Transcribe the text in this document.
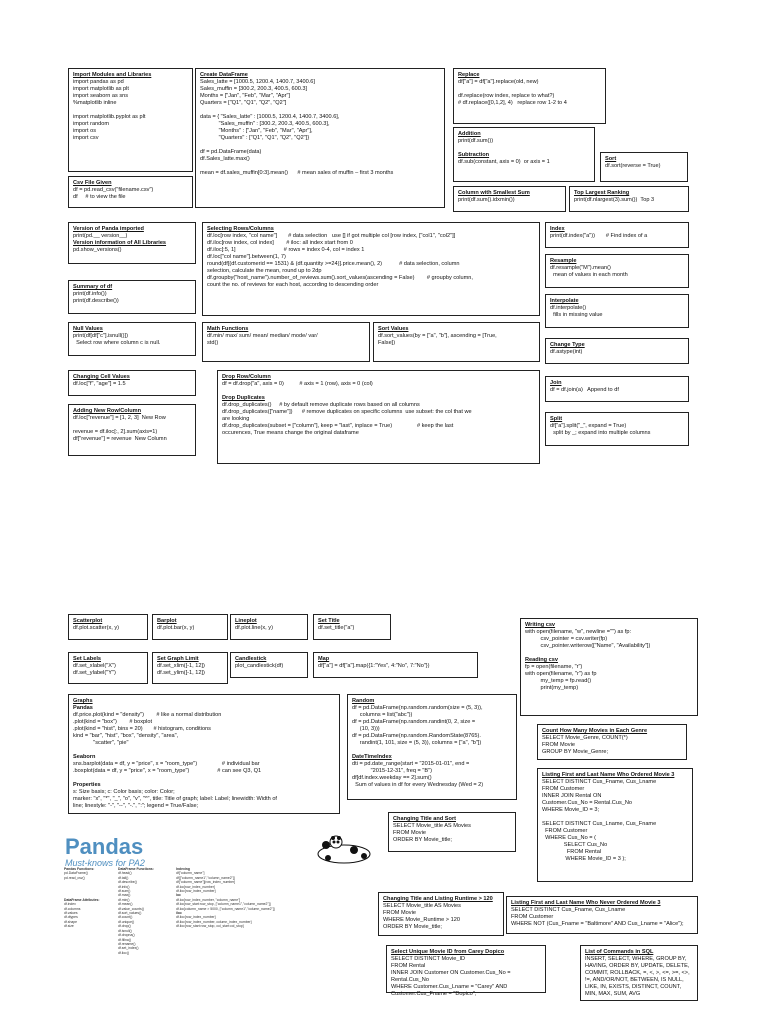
Import Modules and Libraries
import pandas as pd
import matplotlib as plt
import seaborn as sns
%matplotlib inline

import matplotlib.pyplot as plt
import random
import os
import csv
Create DataFrame
Sales_latte = [1000.5, 1200.4, 1400.7, 3400.6]
Sales_muffin = [300.2, 200.3, 400.5, 600.3]
Months = ["Jan", "Feb", "Mar", "Apr"]
Quarters = ["Q1", "Q1", "Q2", "Q2"]

data = { "Sales_latte" : [1000.5, 1200.4, 1400.7, 3400.6],
"Sales_muffin" : [300.2, 200.3, 400.5, 600.3],
"Months" : ["Jan", "Feb", "Mar", "Apr"],
"Quarters" : ["Q1", "Q1", "Q2", "Q2"]}

df = pd.DataFrame(data)
df.Sales_latte.max()

mean = df.sales_muffin[0:3].mean()      # mean sales of muffin – first 3 months
Replace
df["a"] = df["a"].replace(old, new)

df.replace(row index, replace to what?)
# df.replace([0,1,2], 4)   replace row 1-2 to 4
Addition
print(df.sum())

Subtraction
df.sub(constant, axis = 0)  or axis = 1	Sort
df.sort(reverse = True)
Csv File Given
df = pd.read_csv("filename.csv")
df     # to view the file
Column with Smallest Sum
print(df.sum().idxmin())
Top Largest Ranking
print(df.nlargest(3).sum())  Top 3
Version of Panda imported
print(pd.__ version__)
Version information of All Libraries
pd.show_versions()
Selecting Rows/Columns
df.loc[row index, "col name"]       # data selection   use [] if got multiple col [row index, ["col1", "col2"]]
df.iloc[row index, col index]        # iloc: all index start from 0
df.iloc[:5, 1]                               # rows = index 0-4, col = index 1
df.loc["col name"].between(1, 7)
round(df[(df.customerid == 1531) & (df.quantity >=24)].price.mean(), 2)           # data selection, column
selection, calculate the mean, round up to 2dp
df.groupby("host_name").number_of_reviews.sum().sort_values(ascending = False)        # groupby column,
count the no. of reviews for each host, according to descending order
Index
print(df.index("a"))       # Find index of a
Resample
df.resample("M").mean()
mean of values in each month
Summary of df
print(df.info())
print(df.describe())	Interpolate
df.interpolate()
fills in missing value
Null Values
print(df[df["c"].isnull()])
Select row where column c is null.
Math Functions
df.min/ max/ sum/ mean/ median/ mode/ var/
std()
Sort Values
df.sort_values(by = ["a", "b"], ascending = [True,
False])	Change Type
df.astype(int)
Changing Cell Values
df.loc["f", "age"] = 1.5
Drop Row/Column
df = df.drop("a", axis = 0)          # axis = 1 (row), axis = 0 (col)

Drop Duplicates
df.drop_duplicates()     # by default remove duplicate rows based on all columns
df.drop_duplicates(["name"])      # remove duplicates on specific columns  use subset: the col that we
are looking
df.drop_duplicates(subset = ["column"], keep = "last", inplace = True)                # keep the last
occurences, True means change the original dataframe
Join
df = df.join(a)   Append to df
Adding New Row/Column
df.loc["revenue"] = [1, 2, 3]  New Row

revenue = df.iloc[:, 2].sum(axis=1)
df["revenue"] = revenue  New Column
Split
df["a"].split("_", expand = True)
split by _; expand into multiple columns
Scatterplot
df.plot.scatter(x, y)
Barplot
df.plot.bar(x, y)
Lineplot
df.plot.line(x, y)
Set Title
df.set_title("a")	Writing csv
with open(filename, "w", newline ="") as fp:
csv_pointer = csv.writer(fp)
csv_pointer.writerow(["Name", "Availability"])

Reading csv
fp = open(filename, "r")
with open(filename, "r") as fp
my_temp = fp.read()
print(my_temp)
Set Labels
df.set_xlabel("X")
df.set_ylabel("Y")
Set Graph Limit
df.set_xlim([-1, 12])
df.set_ylim([-1, 12])
Candlestick
plot_candlestick(df)
Map
df["a"] = df["a"].map({1:"Yes", 4:"No", 7:"No"})
Graphs
Pandas
df.price.plot(kind = "density")        # like a normal distribution
.plot(kind = "box")        # boxplot
.plot(kind = "hist", bins = 20)       # histogram, conditions
kind = "bar", "hist", "box", "density", "area",
"scatter", "pie"

Seaborn
sns.barplot(data = df, y = "price", x = "room_type")                # individual bar
.boxplot(data = df, y = "price", x = "room_type")                  # can see Q3, Q1

Properties
s: Size basis; c: Color basis; color: Color;
marker: "x", "*", "_", "o", "v", "^", title: Title of graph; label: Label; linewidth: Width of
line; linestyle: "-", "--", "-.", ":"; legend = True/False;
Random
df = pd.DataFrame(np.random.random(size = (5, 3)),
columns = list("abc"))
df = pd.DataFrame(np.random.randint(0, 2, size =
(10, 3)))
df = pd.DataFrame(np.random.RandomState(8765).
randint(1, 101, size = (5, 3)), columns = ["a", "b"])

DateTimeIndex
dti = pd.date_range(start = "2015-01-01", end =
"2015-12-31", freq = "B")
df[df.index.weekday == 2].sum()
Sum of values in df for every Wednesday (Wed = 2)
Count How Many Movies in Each Genre
SELECT Movie_Genre, COUNT(*)
FROM Movie
GROUP BY Movie_Genre;
Listing First and Last Name Who Ordered Movie 3
SELECT DISTINCT Cus_Fname, Cus_Lname
FROM Customer
INNER JOIN Rental ON
Customer.Cus_No = Rental.Cus_No
WHERE Movie_ID = 3;

SELECT DISTINCT Cus_Lname, Cus_Fname
FROM Customer
WHERE Cus_No = (
SELECT Cus_No
FROM Rental
WHERE Movie_ID = 3 );
Changing Title and Sort
SELECT Movie_title AS Movies
FROM Movie
ORDER BY Movie_title;
Pandas
Must-knows for PA2
Pandas Functions:
pd.DataFrame()
pd.read_csv()

DataFrame Attributes:
df.index
df.columns
df.values
df.dtypes
df.shape
df.size
DataFrame Functions:
df.head()
df.tail()
df.describe()
df.info()
df.sum()
df.max()
df.min()
df.mean()
df.value_counts()
df.sort_values()
df.count()
df.unique()
df.drop()
df.isnull()
df.dropna()
df.fillna()
df.rename()
df.set_index()
df.iloc()
Indexing
df["column_name"]
df[["column_name1","column_name2"]]
df["column_name"][row_index_number]
df.loc[row_index_number]
df.iloc[row_index_number]
loc
df.loc[row_index_number, "column_name"]
df.loc[row_start:row_stop, ["column_name1","column_name2"]]
df.loc[column_name > 5000, ["column_name1","column_name2"]]
iloc
df.iloc[row_index_number]
df.iloc[row_index_number, column_index_number]
df.iloc[row_start:row_stop, col_start:col_stop]
Changing Title and Listing Runtime > 120
SELECT Movie_title AS Movies
FROM Movie
WHERE Movie_Runtime > 120
ORDER BY Movie_title;
Listing First and Last Name Who Never Ordered Movie 3
SELECT DISTINCT Cus_Fname, Cus_Lname
FROM Customer
WHERE NOT (Cus_Fname = "Baltimore" AND Cus_Lname = "Alice");
Select Unique Movie ID from Carey Dopico
SELECT DISTINCT Movie_ID
FROM Rental
INNER JOIN Customer ON Customer.Cus_No = Rental.Cus_No
WHERE Customer.Cus_Lname = "Carey" AND
Customer.Cus_Fname = "Dopico";
List of Commands in SQL
INSERT, SELECT, WHERE, GROUP BY,
HAVING, ORDER BY, UPDATE, DELETE,
COMMIT, ROLLBACK, =, <, >, <=, >=, <>,
!=, AND/OR/NOT, BETWEEN, IS NULL,
LIKE, IN, EXISTS, DISTINCT, COUNT,
MIN, MAX, SUM, AVG
